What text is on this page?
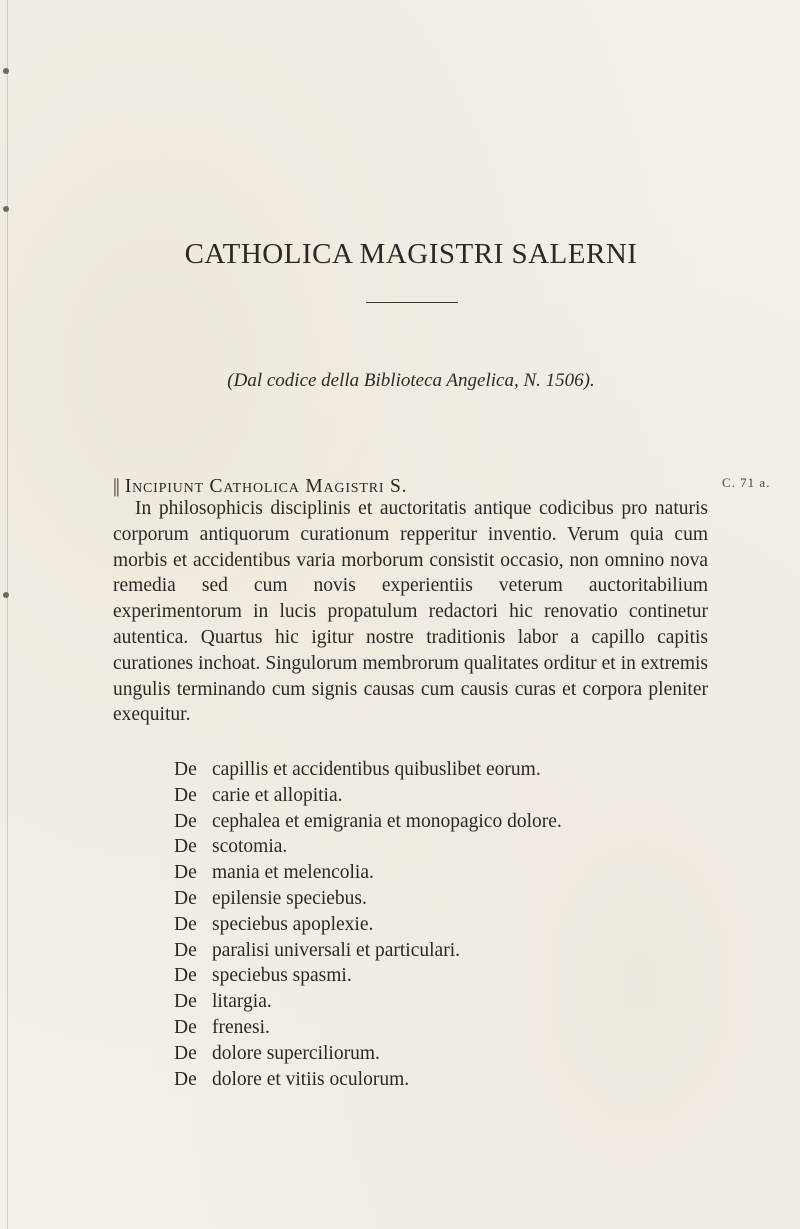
CATHOLICA MAGISTRI SALERNI

(Dal codice della Biblioteca Angelica, N. 1506).

|| Incipiunt Catholica Magistri S.	C. 71 a.

In philosophicis disciplinis et auctoritatis antique codicibus pro naturis corporum antiquorum curationum repperitur inventio. Verum quia cum morbis et accidentibus varia morborum consistit occasio, non omnino nova remedia sed cum novis experientiis veterum auctoritabilium experimentorum in lucis propatulum redactori hic renovatio continetur autentica. Quartus hic igitur nostre traditionis labor a capillo capitis curationes inchoat. Singulorum membrorum qualitates orditur et in extremis ungulis terminando cum signis causas cum causis curas et corpora pleniter exequitur.

De capillis et accidentibus quibuslibet eorum.
De carie et allopitia.
De cephalea et emigrania et monopagico dolore.
De scotomia.
De mania et melencolia.
De epilensie speciebus.
De speciebus apoplexie.
De paralisi universali et particulari.
De speciebus spasmi.
De litargia.
De frenesi.
De dolore superciliorum.
De dolore et vitiis oculorum.
